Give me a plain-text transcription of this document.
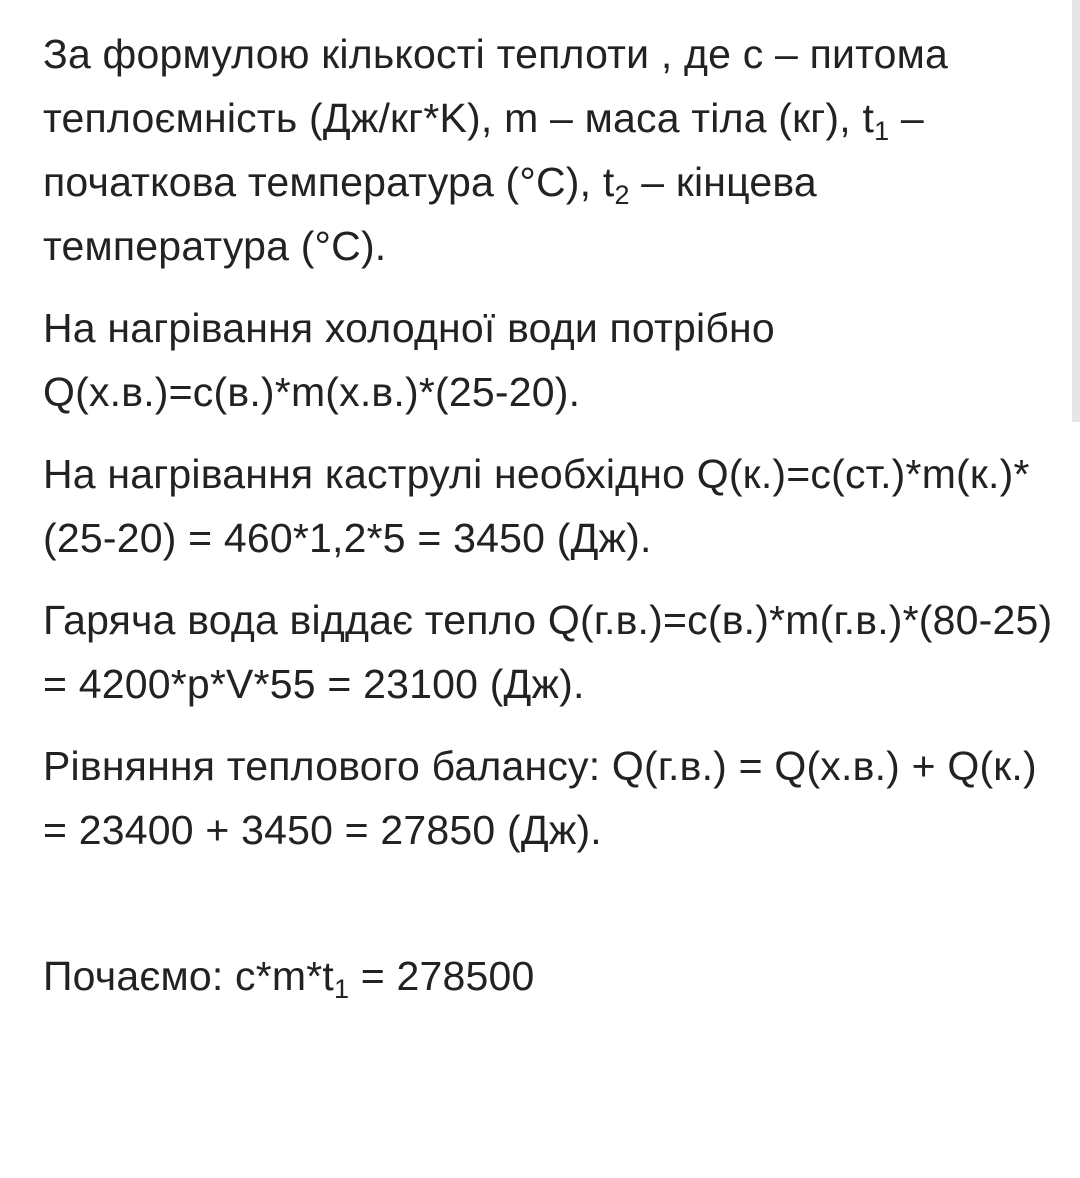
За формулою кількості теплоти , де c – питома теплоємність (Дж/кг*K), m – маса тіла (кг), $t_1$ – початкова температура (°С), $t_2$ – кінцева температура (°С).

На нагрівання холодної води потрібно Q(х.в.)=с(в.)*m(х.в.)*(25-20).

На нагрівання каструлі необхідно Q(к.)=c(ст.)*m(к.)*(25-20) = 460*1,2*5 = 3450 (Дж).

Гаряча вода віддає тепло Q(г.в.)=с(в.)*m(г.в.)*(80-25) = 4200*p*V*55 = 23100 (Дж).

Рівняння теплового балансу: Q(г.в.) = Q(х.в.) + Q(к.) = 23400 + 3450 = 27850 (Дж).

Почаємо: $c*m*t_1 = 278500$
